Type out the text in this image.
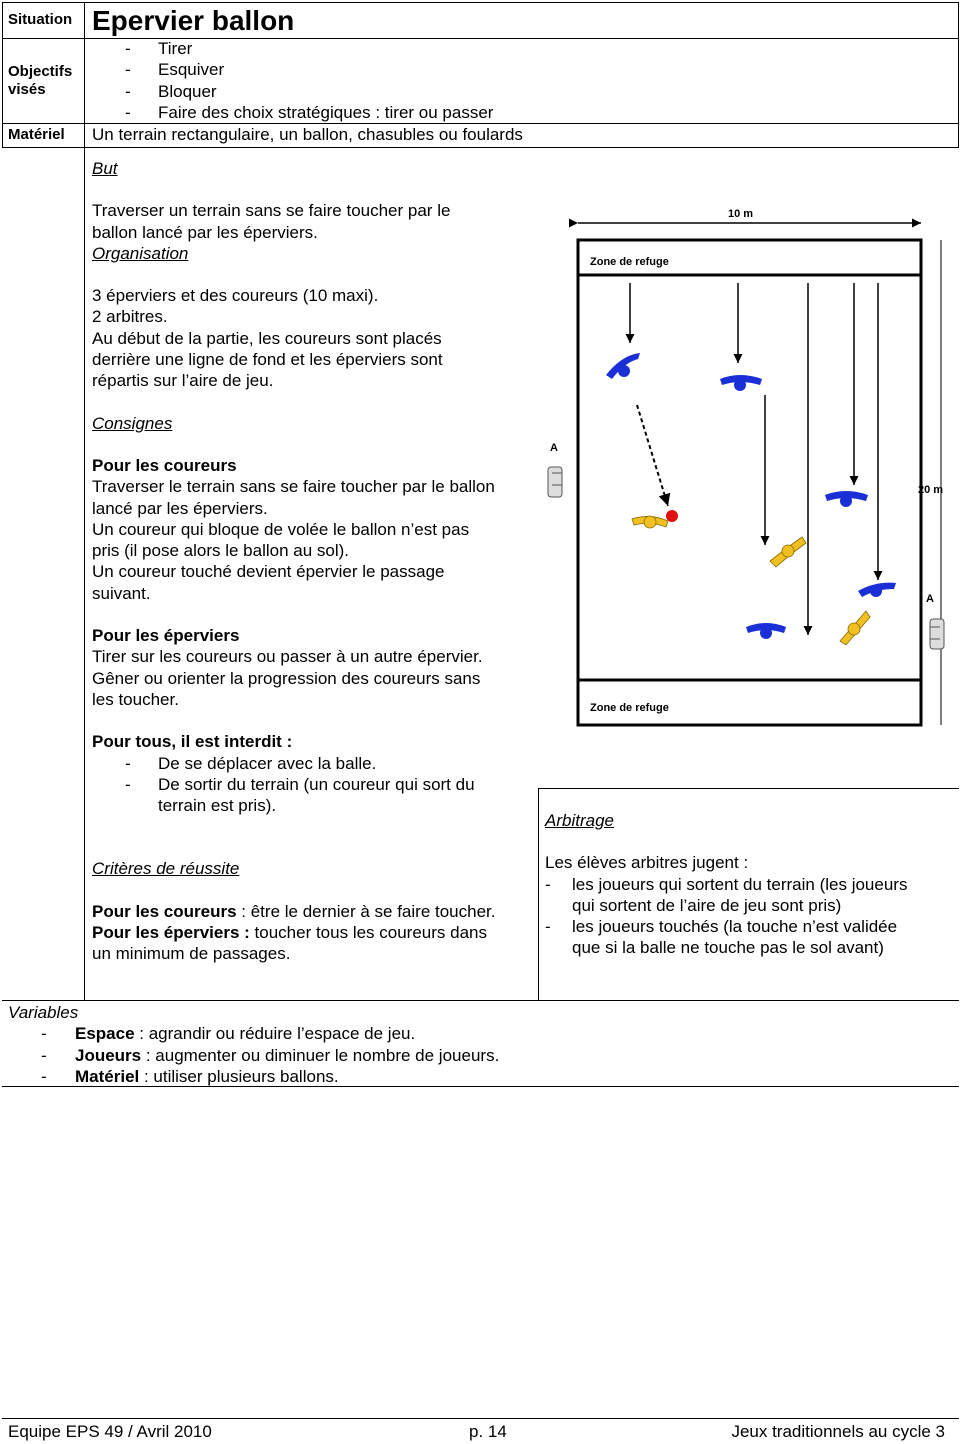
Situation Epervier ballon
Objectifs visés
- Tirer
- Esquiver
- Bloquer
- Faire des choix stratégiques : tirer ou passer
Matériel Un terrain rectangulaire, un ballon, chasubles ou foulards
But
Traverser un terrain sans se faire toucher par le
ballon lancé par les éperviers.
Organisation
3 éperviers et des coureurs (10 maxi).
2 arbitres.
Au début de la partie, les coureurs sont placés
derrière une ligne de fond et les éperviers sont
répartis sur l’aire de jeu.
Consignes
Pour les coureurs
Traverser le terrain sans se faire toucher par le ballon
lancé par les éperviers.
Un coureur qui bloque de volée le ballon n’est pas
pris (il pose alors le ballon au sol).
Un coureur touché devient épervier le passage
suivant.
Pour les éperviers
Tirer sur les coureurs ou passer à un autre épervier.
Gêner ou orienter la progression des coureurs sans
les toucher.
Pour tous, il est interdit :
- De se déplacer avec la balle.
- De sortir du terrain (un coureur qui sort du
terrain est pris).
Critères de réussite
Pour les coureurs : être le dernier à se faire toucher.
Pour les éperviers : toucher tous les coureurs dans
un minimum de passages.
Arbitrage
Les élèves arbitres jugent :
- les joueurs qui sortent du terrain (les joueurs
qui sortent de l’aire de jeu sont pris)
- les joueurs touchés (la touche n’est validée
que si la balle ne touche pas le sol avant)
10 m
20 m
Zone de refuge
Zone de refuge
A
A
Variables
- Espace : agrandir ou réduire l’espace de jeu.
- Joueurs : augmenter ou diminuer le nombre de joueurs.
- Matériel : utiliser plusieurs ballons.
Equipe EPS 49 / Avril 2010	p. 14	Jeux traditionnels au cycle 3
